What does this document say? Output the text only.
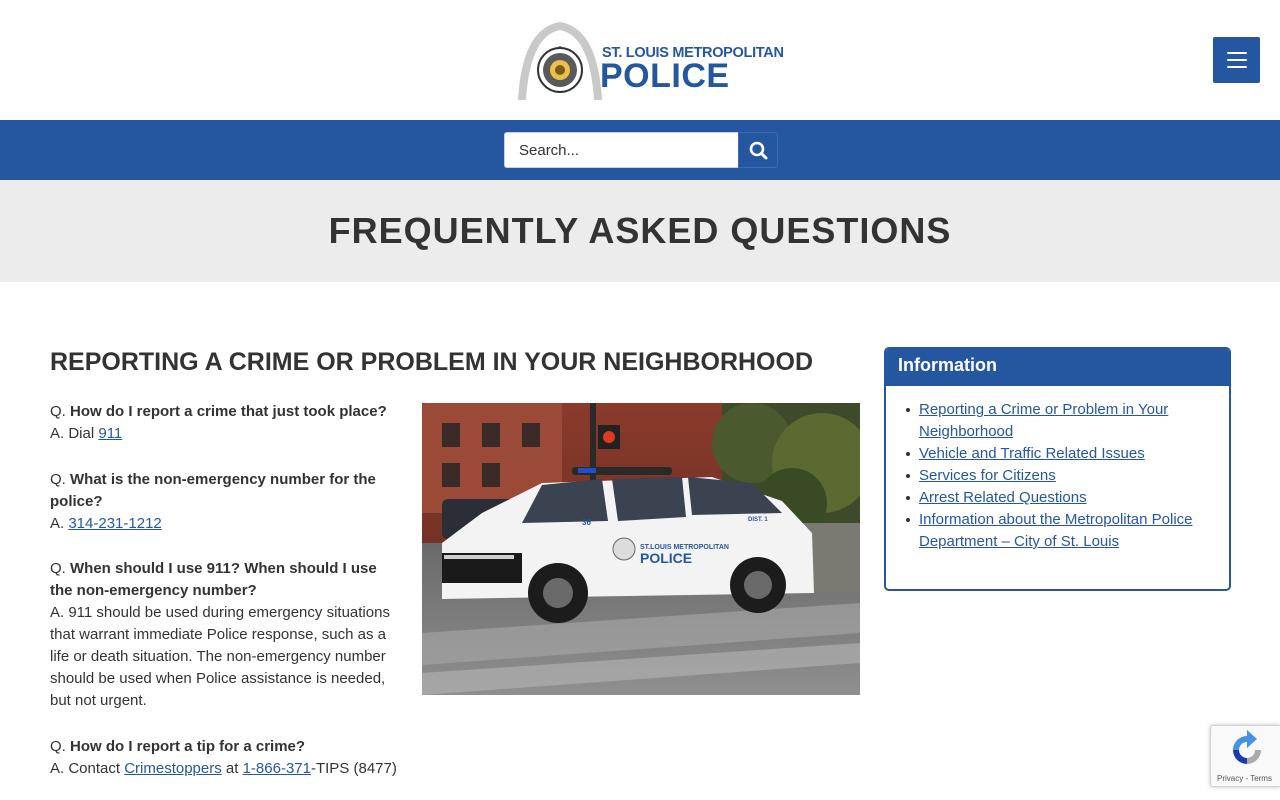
ST. LOUIS METROPOLITAN
POLICE
Search...
FREQUENTLY ASKED QUESTIONS
REPORTING A CRIME OR PROBLEM IN YOUR NEIGHBORHOOD

Q. How do I report a crime that just took place?

A. Dial 911

Q. What is the non-emergency number for the police?

A. 314-231-1212

Q. When should I use 911? When should I use the non-emergency number?

A. 911 should be used during emergency situations that warrant immediate Police response, such as a life or death situation. The non-emergency number should be used when Police assistance is needed, but not urgent.

Q. How do I report a tip for a crime?

A. Contact Crimestoppers at 1-866-371-TIPS (8477)

ST.LOUIS METROPOLITAN
POLICE
36	DIST. 1
Information
Reporting a Crime or Problem in Your Neighborhood
Vehicle and Traffic Related Issues
Services for Citizens
Arrest Related Questions
Information about the Metropolitan Police Department – City of St. Louis
Privacy - Terms
